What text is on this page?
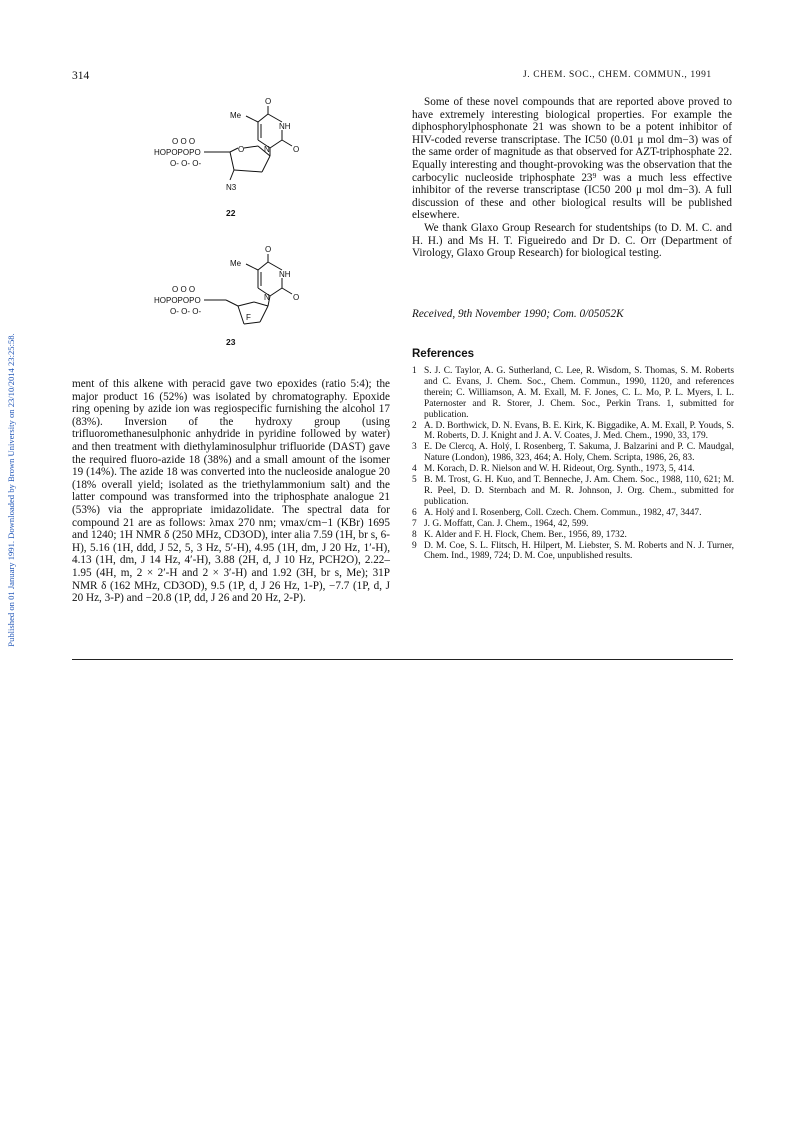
314	J. CHEM. SOC., CHEM. COMMUN., 1991
Published on 01 January 1991. Downloaded by Brown University on 23/10/2014 23:25:58.
O
Me
NH
O
N
O
O O O
HOPOPOPO
O- O- O-
N3
22
O
Me
NH
O
N
O O O
HOPOPOPO
O- O- O-
F
23

ment of this alkene with peracid gave two epoxides (ratio 5:4); the major product 16 (52%) was isolated by chromatography. Epoxide ring opening by azide ion was regiospecific furnishing the alcohol 17 (83%). Inversion of the hydroxy group (using trifluoromethanesulphonic anhydride in pyridine followed by water) and then treatment with diethylaminosulphur trifluoride (DAST) gave the required fluoro-azide 18 (38%) and a small amount of the isomer 19 (14%). The azide 18 was converted into the nucleoside analogue 20 (18% overall yield; isolated as the triethylammonium salt) and the latter compound was transformed into the triphosphate analogue 21 (53%) via the appropriate imidazolidate. The spectral data for compound 21 are as follows: λmax 270 nm; νmax/cm−1 (KBr) 1695 and 1240; 1H NMR δ (250 MHz, CD3OD), inter alia 7.59 (1H, br s, 6-H), 5.16 (1H, ddd, J 52, 5, 3 Hz, 5′-H), 4.95 (1H, dm, J 20 Hz, 1′-H), 4.13 (1H, dm, J 14 Hz, 4′-H), 3.88 (2H, d, J 10 Hz, PCH2O), 2.22–1.95 (4H, m, 2 × 2′-H and 2 × 3′-H) and 1.92 (3H, br s, Me); 31P NMR δ (162 MHz, CD3OD), 9.5 (1P, d, J 26 Hz, 1-P), −7.7 (1P, d, J 20 Hz, 3-P) and −20.8 (1P, dd, J 26 and 20 Hz, 2-P).

Some of these novel compounds that are reported above proved to have extremely interesting biological properties. For example the diphosphorylphosphonate 21 was shown to be a potent inhibitor of HIV-coded reverse transcriptase. The IC50 (0.01 μ mol dm−3) was of the same order of magnitude as that observed for AZT-triphosphate 22. Equally interesting and thought-provoking was the observation that the carbocylic nucleoside triphosphate 23⁹ was a much less effective inhibitor of the reverse transcriptase (IC50 200 μ mol dm−3). A full discussion of these and other biological results will be published elsewhere.

We thank Glaxo Group Research for studentships (to D. M. C. and H. H.) and Ms H. T. Figueiredo and Dr D. C. Orr (Department of Virology, Glaxo Group Research) for biological testing.

Received, 9th November 1990; Com. 0/05052K
References
1 S. J. C. Taylor, A. G. Sutherland, C. Lee, R. Wisdom, S. Thomas, S. M. Roberts and C. Evans, J. Chem. Soc., Chem. Commun., 1990, 1120, and references therein; C. Williamson, A. M. Exall, M. F. Jones, C. L. Mo, P. L. Myers, I. L. Paternoster and R. Storer, J. Chem. Soc., Perkin Trans. 1, submitted for publication.
2 A. D. Borthwick, D. N. Evans, B. E. Kirk, K. Biggadike, A. M. Exall, P. Youds, S. M. Roberts, D. J. Knight and J. A. V. Coates, J. Med. Chem., 1990, 33, 179.
3 E. De Clercq, A. Holý, I. Rosenberg, T. Sakuma, J. Balzarini and P. C. Maudgal, Nature (London), 1986, 323, 464; A. Holy, Chem. Scripta, 1986, 26, 83.
4 M. Korach, D. R. Nielson and W. H. Rideout, Org. Synth., 1973, 5, 414.
5 B. M. Trost, G. H. Kuo, and T. Benneche, J. Am. Chem. Soc., 1988, 110, 621; M. R. Peel, D. D. Sternbach and M. R. Johnson, J. Org. Chem., submitted for publication.
6 A. Holý and I. Rosenberg, Coll. Czech. Chem. Commun., 1982, 47, 3447.
7 J. G. Moffatt, Can. J. Chem., 1964, 42, 599.
8 K. Alder and F. H. Flock, Chem. Ber., 1956, 89, 1732.
9 D. M. Coe, S. L. Flitsch, H. Hilpert, M. Liebster, S. M. Roberts and N. J. Turner, Chem. Ind., 1989, 724; D. M. Coe, unpublished results.
